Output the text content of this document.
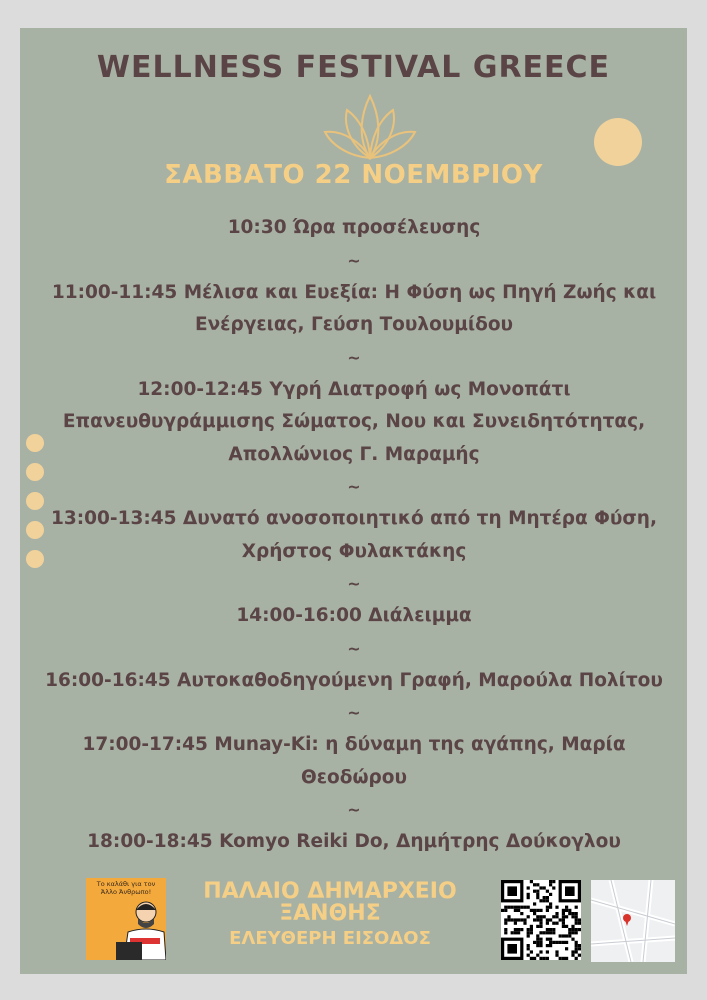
WELLNESS FESTIVAL GREECE
ΣΑΒΒΑΤΟ 22 ΝΟΕΜΒΡΙΟΥ
10:30 Ώρα προσέλευσης
~
11:00-11:45 Μέλισα και Ευεξία: Η Φύση ως Πηγή Ζωής και
Ενέργειας, Γεύση Τουλουμίδου
~
12:00-12:45 Υγρή Διατροφή ως Μονοπάτι
Επανευθυγράμμισης Σώματος, Νου και Συνειδητότητας,
Απολλώνιος Γ. Μαραμής
~
13:00-13:45 Δυνατό ανοσοποιητικό από τη Μητέρα Φύση,
Χρήστος Φυλακτάκης
~
14:00-16:00 Διάλειμμα
~
16:00-16:45 Αυτοκαθοδηγούμενη Γραφή, Μαρούλα Πολίτου
~
17:00-17:45 Munay-Ki: η δύναμη της αγάπης, Μαρία
Θεοδώρου
~
18:00-18:45 Komyo Reiki Do, Δημήτρης Δούκογλου
Το καλάθι για τον Άλλο Άνθρωπο!	ΠΑΛΑΙΟ ΔΗΜΑΡΧΕΙΟ
ΞΑΝΘΗΣ
ΕΛΕΥΘΕΡΗ ΕΙΣΟΔΟΣ
